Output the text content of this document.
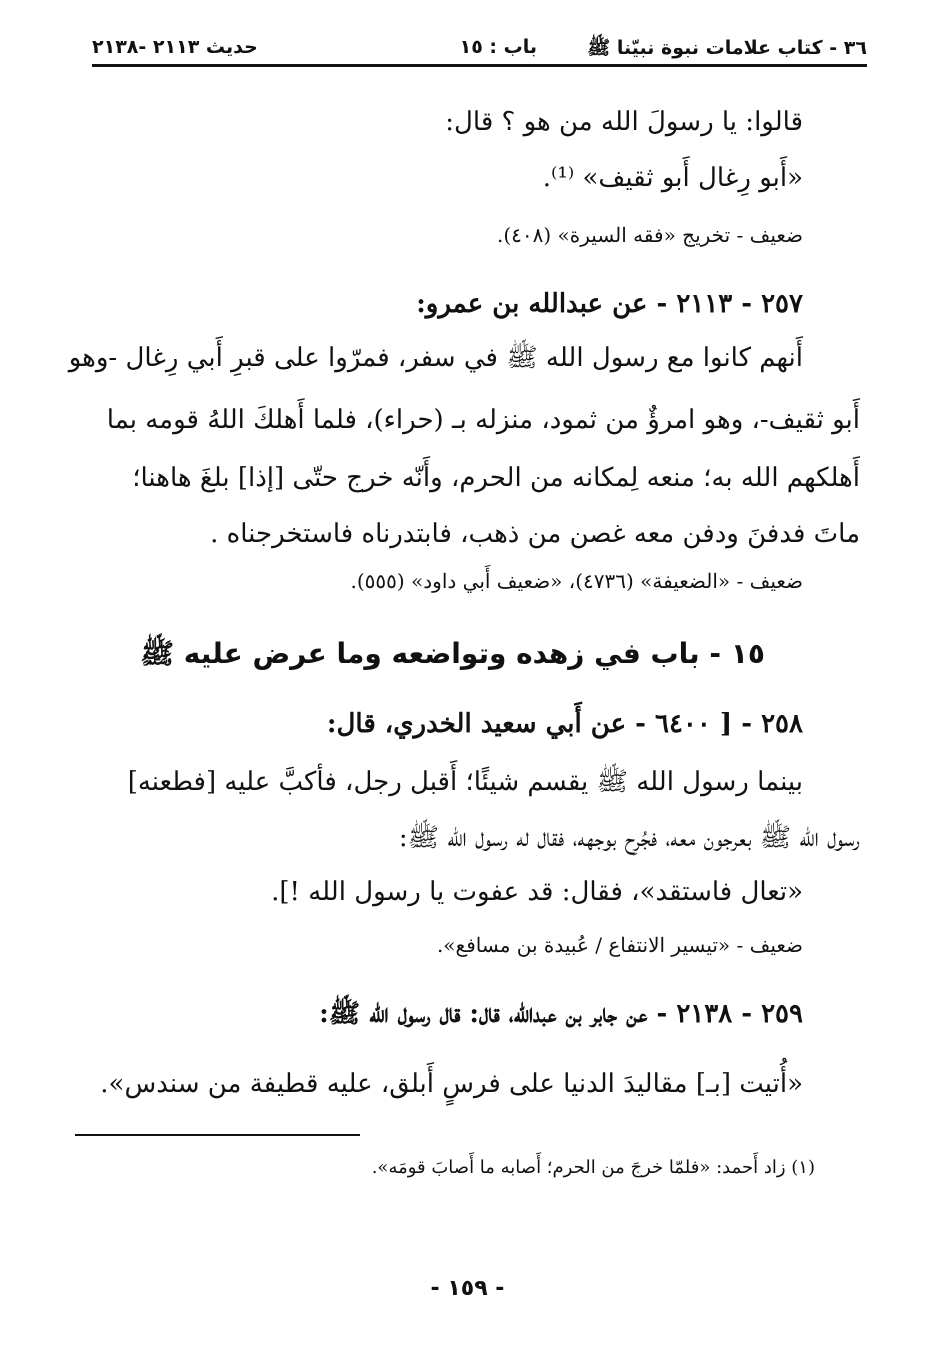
٣٦ - كتاب علامات نبوة نبيّنا ﷺ
باب : ١٥
حديث ٢١١٣ -٢١٣٨
قالوا: يا رسولَ الله من هو ؟ قال:
«أَبو رِغال أَبو ثقيف» ⁽¹⁾.
ضعيف - تخريج «فقه السيرة» (٤٠٨).
٢٥٧ - ٢١١٣ - عن عبدالله بن عمرو:
أَنهم كانوا مع رسول الله ﷺ في سفر، فمرّوا على قبرِ أَبي رِغال -وهو
أَبو ثقيف-، وهو امرؤٌ من ثمود، منزله بـ (حراء)، فلما أَهلكَ اللهُ قومه بما
أَهلكهم الله به؛ منعه لِمكانه من الحرم، وأَنّه خرج حتّى [إذا] بلغَ هاهنا؛
ماتَ فدفنَ ودفن معه غصن من ذهب، فابتدرناه فاستخرجناه .
ضعيف - «الضعيفة» (٤٧٣٦)، «ضعيف أَبي داود» (٥٥٥).
١٥ - باب في زهده وتواضعه وما عرض عليه ﷺ
٢٥٨ - [ ٦٤٠٠ - عن أَبي سعيد الخدري، قال:
بينما رسول الله ﷺ يقسم شيئًا؛ أَقبل رجل، فأكبَّ عليه [فطعنه]
رسول الله ﷺ بعرجون معه، فجُرِح بوجهه، فقال له رسول الله ﷺ:
«تعال فاستقد»، فقال: قد عفوت يا رسول الله !].
ضعيف - «تيسير الانتفاع / عُبيدة بن مسافع».
٢٥٩ - ٢١٣٨ - عن جابر بن عبدالله، قال: قال رسول الله ﷺ:
«أُتيت [بـ] مقاليدَ الدنيا على فرسٍ أَبلق، عليه قطيفة من سندس».
(١) زاد أَحمد: «فلمّا خرجَ من الحرم؛ أَصابه ما أَصابَ قومَه».
- ١٥٩ -
